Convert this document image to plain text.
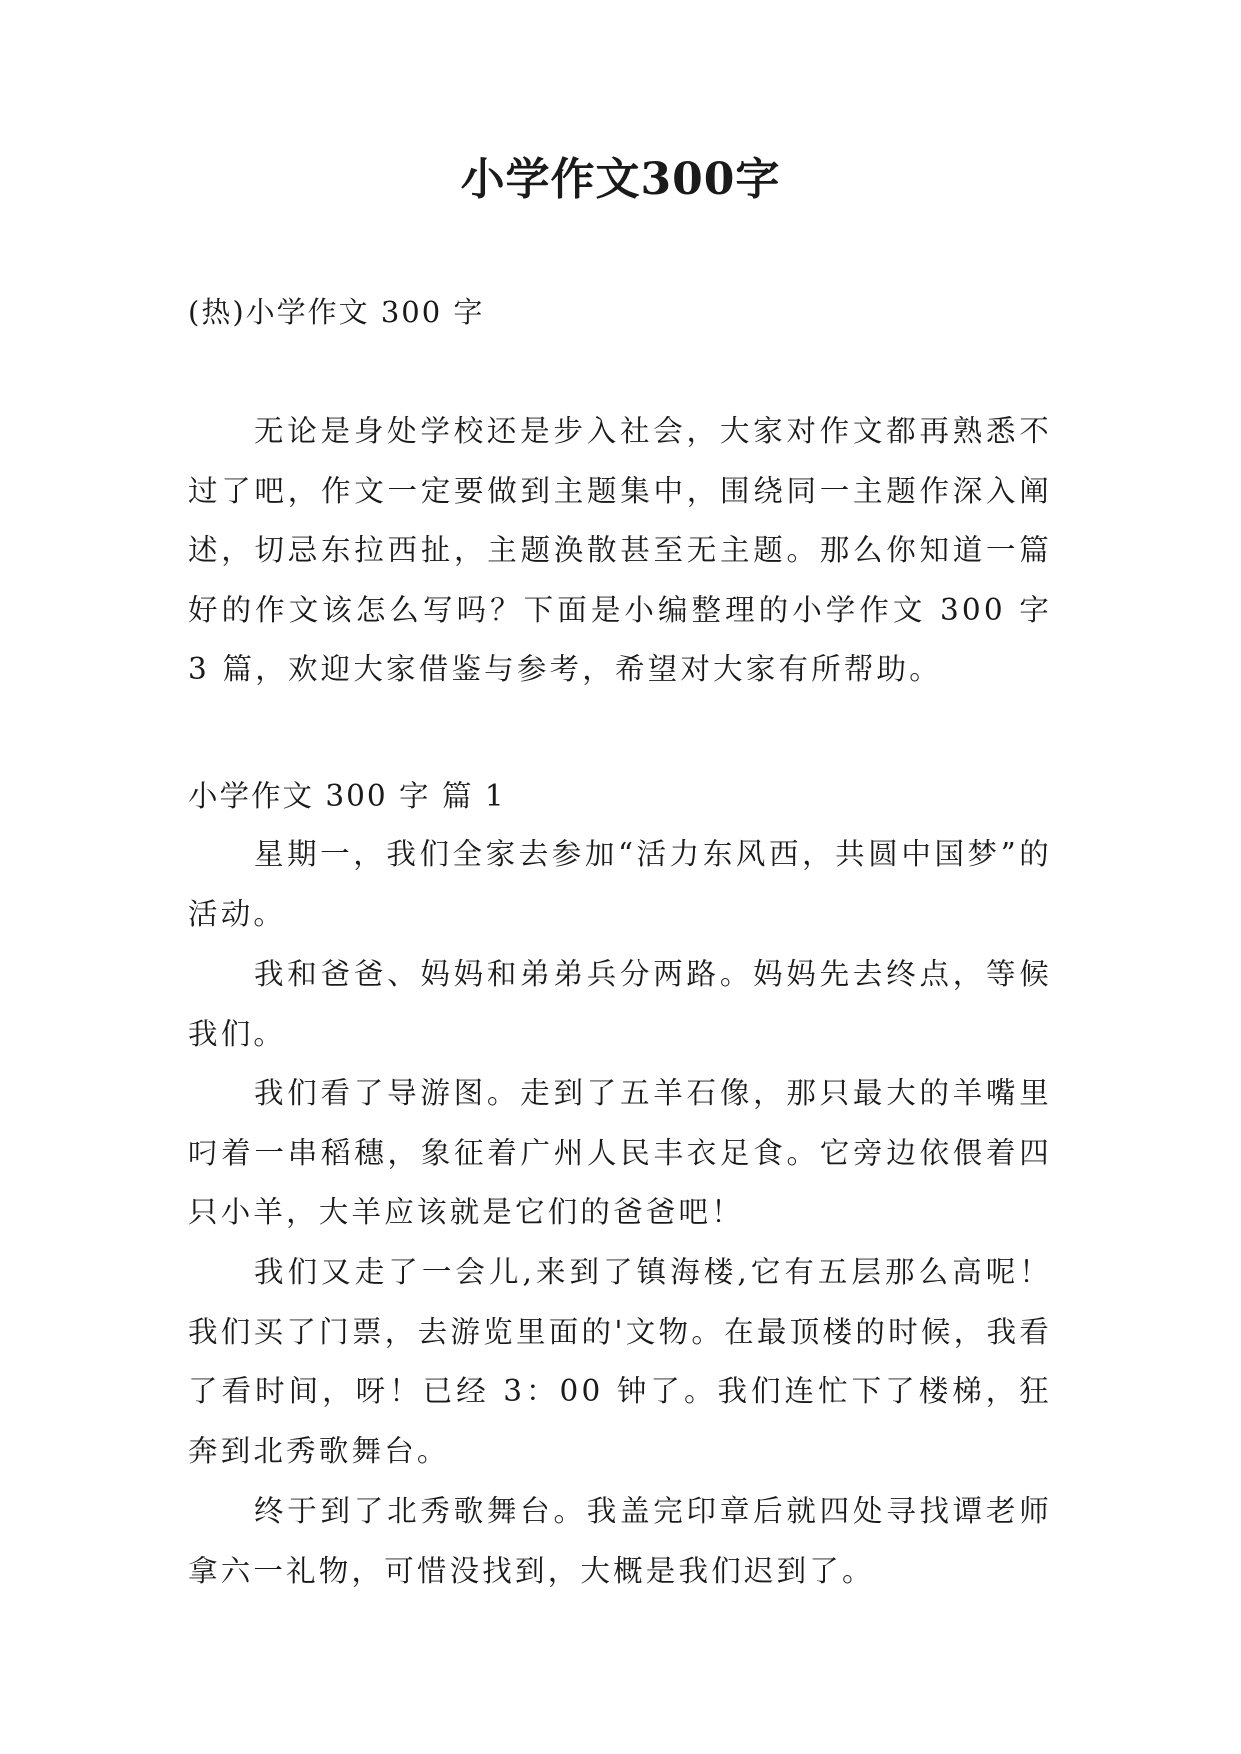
小学作文300字

(热)小学作文 300 字

无论是身处学校还是步入社会，大家对作文都再熟悉不过了吧，作文一定要做到主题集中，围绕同一主题作深入阐述，切忌东拉西扯，主题涣散甚至无主题。那么你知道一篇好的作文该怎么写吗？下面是小编整理的小学作文 300 字 3 篇，欢迎大家借鉴与参考，希望对大家有所帮助。

小学作文 300 字 篇 1

星期一，我们全家去参加“活力东风西，共圆中国梦”的活动。

我和爸爸、妈妈和弟弟兵分两路。妈妈先去终点，等候我们。

我们看了导游图。走到了五羊石像，那只最大的羊嘴里叼着一串稻穗，象征着广州人民丰衣足食。它旁边依偎着四只小羊，大羊应该就是它们的爸爸吧！

我们又走了一会儿,来到了镇海楼,它有五层那么高呢！我们买了门票，去游览里面的'文物。在最顶楼的时候，我看了看时间，呀！已经 3：00 钟了。我们连忙下了楼梯，狂奔到北秀歌舞台。

终于到了北秀歌舞台。我盖完印章后就四处寻找谭老师拿六一礼物，可惜没找到，大概是我们迟到了。
